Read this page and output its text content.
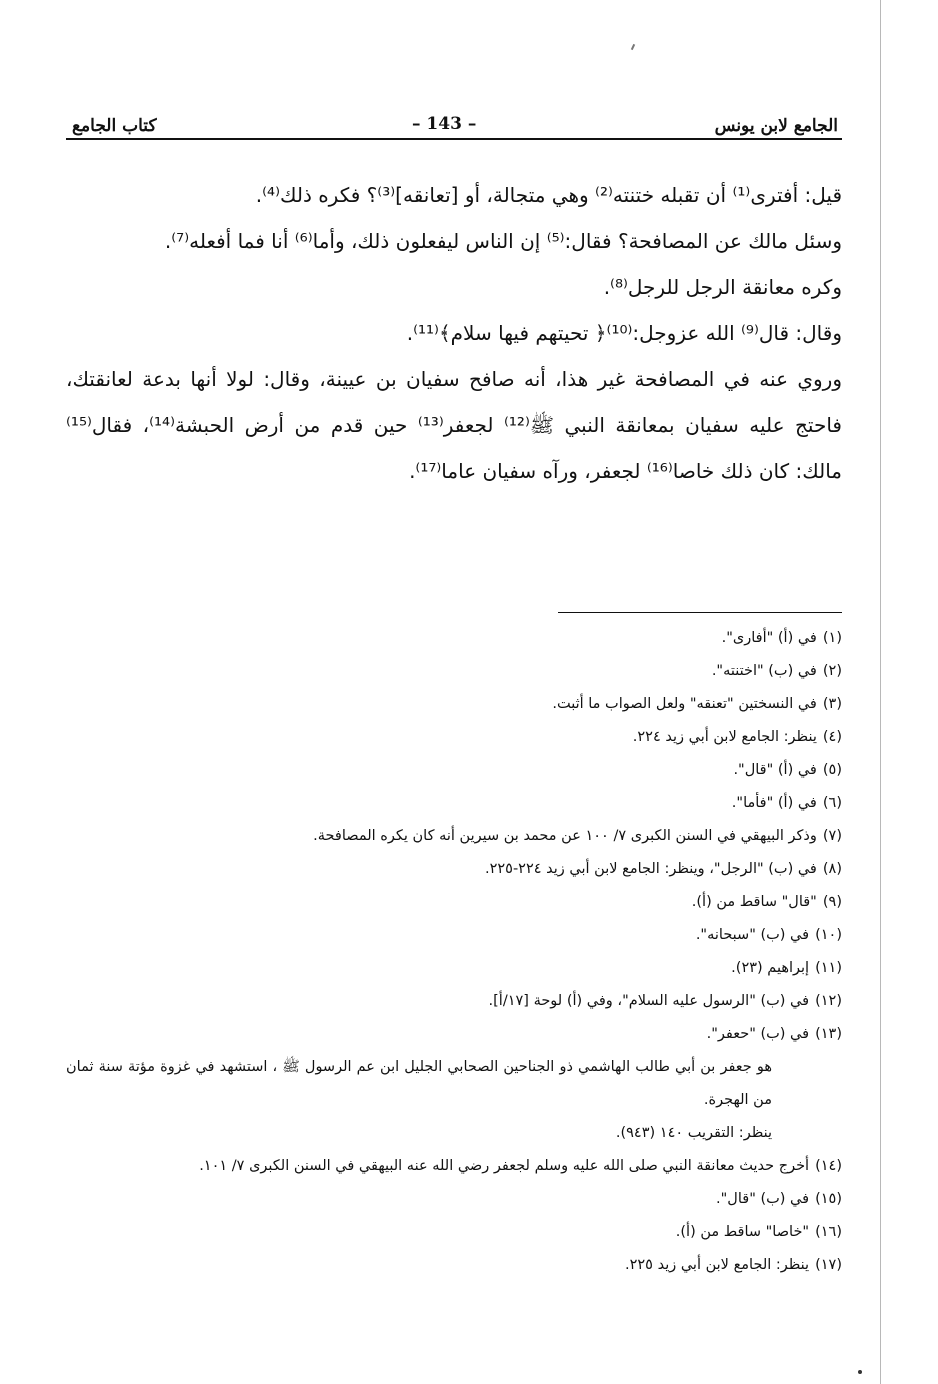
الجامع لابن يونس
– 143 –
كتاب الجامع

قيل: أفترى⁽¹⁾ أن تقبله ختنته⁽²⁾ وهي متجالة، أو [تعانقه]⁽³⁾؟ فكره ذلك⁽⁴⁾.

وسئل مالك عن المصافحة؟ فقال:⁽⁵⁾ إن الناس ليفعلون ذلك، وأما⁽⁶⁾ أنا فما أفعله⁽⁷⁾.

وكره معانقة الرجل للرجل⁽⁸⁾.

وقال: قال⁽⁹⁾ الله عزوجل:⁽¹⁰⁾﴿ تحيتهم فيها سلام﴾⁽¹¹⁾.

وروي عنه في المصافحة غير هذا، أنه صافح سفيان بن عيينة، وقال: لولا أنها بدعة لعانقتك، فاحتج عليه سفيان بمعانقة النبي ﷺ⁽¹²⁾ لجعفر⁽¹³⁾ حين قدم من أرض الحبشة⁽¹⁴⁾، فقال⁽¹⁵⁾ مالك: كان ذلك خاصا⁽¹⁶⁾ لجعفر، ورآه سفيان عاما⁽¹⁷⁾.

(١)في (أ) "أفارى".
(٢)في (ب) "اختنته".
(٣)في النسختين "تعنقه" ولعل الصواب ما أثبت.
(٤)ينظر: الجامع لابن أبي زيد ٢٢٤.
(٥)في (أ) "قال".
(٦)في (أ) "فأما".
(٧)وذكر البيهقي في السنن الكبرى ٧/ ١٠٠ عن محمد بن سيرين أنه كان يكره المصافحة.
(٨)في (ب) "الرجل"، وينظر: الجامع لابن أبي زيد ٢٢٤-٢٢٥.
(٩)"قال" ساقط من (أ).
(١٠)في (ب) "سبحانه".
(١١)إبراهيم (٢٣).
(١٢)في (ب) "الرسول عليه السلام"، وفي (أ) لوحة [١٧/أ].
(١٣)في (ب) "حعفر".
هو جعفر بن أبي طالب الهاشمي ذو الجناحين الصحابي الجليل ابن عم الرسول ﷺ ، استشهد في غزوة مؤتة سنة ثمان من الهجرة.
ينظر: التقريب ١٤٠ (٩٤٣).
(١٤)أخرج حديث معانقة النبي صلى الله عليه وسلم لجعفر رضي الله عنه البيهقي في السنن الكبرى ٧/ ١٠١.
(١٥)في (ب) "قال".
(١٦)"خاصا" ساقط من (أ).
(١٧)ينظر: الجامع لابن أبي زيد ٢٢٥.
